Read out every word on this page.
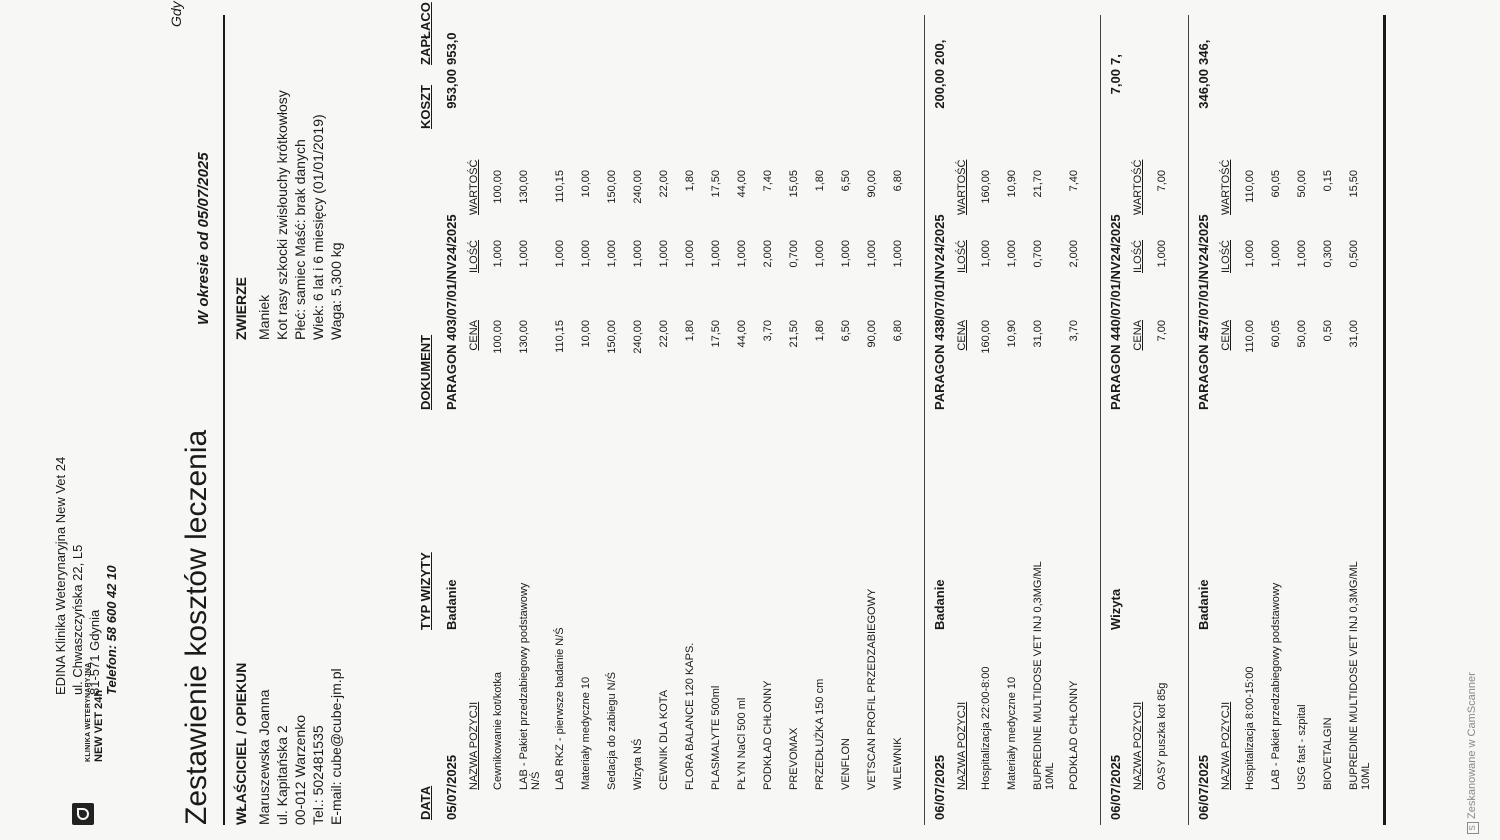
KLINIKA WETERYNARYJNA NEW VET 24h
EDINA Klinika Weterynaryjna New Vet 24 ul. Chwaszczyńska 22, L5 81-571 Gdynia Telefon: 58 600 42 10
Gdy
Zestawienie kosztów leczenia
W okresie od 05/07/2025
WŁAŚCICIEL / OPIEKUN Maruszewska Joanna ul. Kapitańska 2 00-012 Warzenko Tel.: 502481535 E-mail: cube@cube-jm.pl
ZWIERZE Maniek Kot rasy szkocki zwisłouchy krótkowłosy Płeć: samiec Maść: brak danych Wiek: 6 lat i 6 miesięcy (01/01/2019) Waga: 5,300 kg
DATA
TYP WIZYTY
DOKUMENT
KOSZT
ZAPŁACO
05/07/2025
Badanie
PARAGON 403/07/01/NV24/2025
953,00
953,0
NAZWA POZYCJI
CENA
ILOŚĆ
WARTOŚĆ
Cewnikowanie kot/kotka
100,00
1,000
100,00
LAB - Pakiet przedzabiegowy podstawowy N/Ś
130,00
1,000
130,00
LAB RKZ - pierwsze badanie N/Ś
110,15
1,000
110,15
Materiały medyczne 10
10,00
1,000
10,00
Sedacja do zabiegu N/Ś
150,00
1,000
150,00
Wizyta NŚ
240,00
1,000
240,00
CEWNIK DLA KOTA
22,00
1,000
22,00
FLORA BALANCE 120 KAPS.
1,80
1,000
1,80
PLASMALYTE 500ml
17,50
1,000
17,50
PŁYN NaCl 500 ml
44,00
1,000
44,00
PODKŁAD CHŁONNY
3,70
2,000
7,40
PREVOMAX
21,50
0,700
15,05
PRZEDŁUŻKA 150 cm
1,80
1,000
1,80
VENFLON
6,50
1,000
6,50
VETSCAN PROFIL PRZEDZABIEGOWY
90,00
1,000
90,00
WLEWNIK
6,80
1,000
6,80
06/07/2025
Badanie
PARAGON 438/07/01/NV24/2025
200,00
200,
NAZWA POZYCJI
CENA
ILOŚĆ
WARTOŚĆ
Hospitalizacja 22:00-8:00
160,00
1,000
160,00
Materiały medyczne 10
10,90
1,000
10,90
BUPREDINE MULTIDOSE VET INJ 0,3MG/ML 10ML
31,00
0,700
21,70
PODKŁAD CHŁONNY
3,70
2,000
7,40
06/07/2025
Wizyta
PARAGON 440/07/01/NV24/2025
7,00
7,
NAZWA POZYCJI
CENA
ILOŚĆ
WARTOŚĆ
OASY puszka kot 85g
7,00
1,000
7,00
06/07/2025
Badanie
PARAGON 457/07/01/NV24/2025
346,00
346,
NAZWA POZYCJI
CENA
ILOŚĆ
WARTOŚĆ
Hospitalizacja 8:00-15:00
110,00
1,000
110,00
LAB - Pakiet przedzabiegowy podstawowy
60,05
1,000
60,05
USG fast - szpital
50,00
1,000
50,00
BIOVETALGIN
0,50
0,300
0,15
BUPREDINE MULTIDOSE VET INJ 0,3MG/ML 10ML
31,00
0,500
15,50
SZeskanowane w CamScanner
